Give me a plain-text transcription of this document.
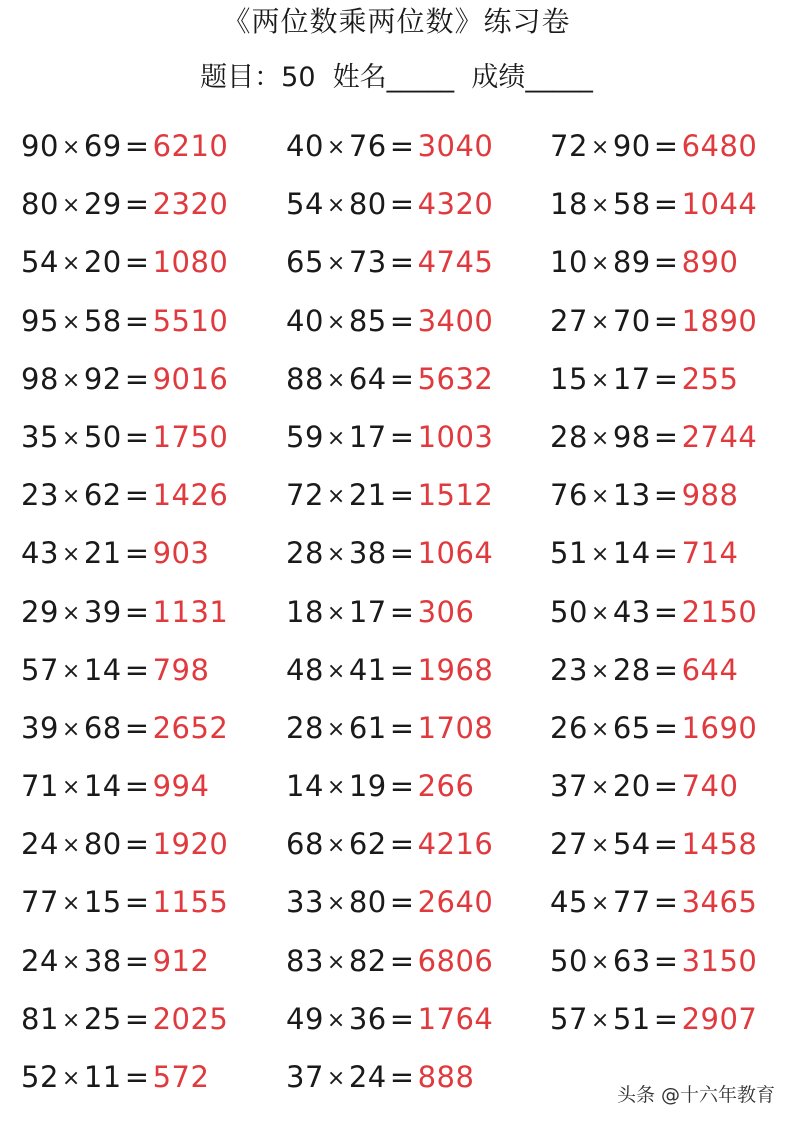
《两位数乘两位数》练习卷
题目：50  姓名_____  成绩_____
90 × 69 = 6210	40 × 76 = 3040	72 × 90 = 6480
80 × 29 = 2320	54 × 80 = 4320	18 × 58 = 1044
54 × 20 = 1080	65 × 73 = 4745	10 × 89 = 890
95 × 58 = 5510	40 × 85 = 3400	27 × 70 = 1890
98 × 92 = 9016	88 × 64 = 5632	15 × 17 = 255
35 × 50 = 1750	59 × 17 = 1003	28 × 98 = 2744
23 × 62 = 1426	72 × 21 = 1512	76 × 13 = 988
43 × 21 = 903	28 × 38 = 1064	51 × 14 = 714
29 × 39 = 1131	18 × 17 = 306	50 × 43 = 2150
57 × 14 = 798	48 × 41 = 1968	23 × 28 = 644
39 × 68 = 2652	28 × 61 = 1708	26 × 65 = 1690
71 × 14 = 994	14 × 19 = 266	37 × 20 = 740
24 × 80 = 1920	68 × 62 = 4216	27 × 54 = 1458
77 × 15 = 1155	33 × 80 = 2640	45 × 77 = 3465
24 × 38 = 912	83 × 82 = 6806	50 × 63 = 3150
81 × 25 = 2025	49 × 36 = 1764	57 × 51 = 2907
52 × 11 = 572	37 × 24 = 888
头条 @十六年教育
